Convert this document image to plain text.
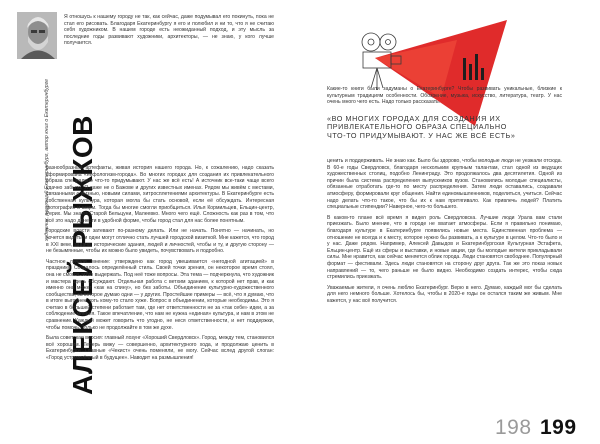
АЛЕКСЕЙ РЫЖКОВ
художник, рисующий Екатеринбург, автор книг о Екатеринбурге

Я отношусь к нашему городу не так, как сейчас, даже подумывал его покинуть, пока не стал его рисовать. Благодаря Екатеринбургу я его и полюбил и ни то, что я не считаю себя художником. В нашем городе есть неожиданный подход, и эту мысль за последние годы развивают художники, архитекторы, — не знаю, у кого лучше получается.

разнообразные артефакты, живая история нашего города. Но, к сожалению, надо сказать сформирована «нефологизм-города». Во многих городах для создания их привлекательного образа специально что-то придумывают. У нас же всё есть! А источник все-таки чаще всего удачно забыто. Я даже не о Бажове и других известных именах. Рядом мы живём с местами, связанными с жизнью, новыми силами, хитросплетениями архитектуры. В Екатеринбурге есть собственная культура, которая могла бы стать основой, если её обсуждать. Интересная фотография и шарм. Тогда бы многие смогли приобщиться. Илья Кормильцев, Ельцин-центр, Рерих. Мы знаем Старой Бельцуни, Малеевко. Много чего ещё. Сложность как раз в том, что всё это надо донести в удобной форме, чтобы город стал для нас более понятным.

Городские власти затевают по-разному делать. Или не начать. Понятно — начинать, но хочется видеть, и одни могут отлично стать лучшей городской визиткой. Мне кажется, что город в XXI веке, задача, исторические здания, людей и личностей, чтобы и ту, и другую сторону — не безымянные, чтобы их можно было увидеть, почувствовать и подробно.

Частное личное мнение: утверждено как город увешивается «негодной агитацией» в празднике. Создалось определённый стиль. Своей точки зрения, он некоторое время стоял, она не смогла этого выдержать. Под неё тоже вопросы. Эта тема — подчеркнула, что художник и мастера здесь обсуждают. Отдельная работа с ветхим зданием, к которой нет прав, и как именно она может «как на спину», но без заботы. Объединение культурно-художественного сообщества, за которое думаю одни — у других. Простейшие примеры — всё, что я думаю, что в итоге выгоднее хоть кому-то стало хуже. Вопрос в объединении, которые необходимы. Это я считаю в большей степени работает там, где нет ответственности не за «так себе» идеи, а за соблюдение мнения. Такое впечатление, что нам не нужна «единая» культура, и нам в этом не сравнение. Каждый может говорить что угодно, не неся ответственности, и нет поддержки, чтобы помочь. Только не продолжайте в том же духе.

Была советская версия: главный лозунг «Хороший Свердловск». Город, между тем, становился всё хорошим. Теперь вижу — совершенно, архитектурного хода, и продолжаю ценить в Екатеринбурге. Главные «Чекист» очень поменяли, не могу. Сейчас вслед другой слоган: «Город устремлённый в будущее». Наводит на размышления!

Какие-то книги были задуманы о Екатеринбурге? Чтобы развивать уникальные, близкие к культурным традициям особенности. Обозрение, музыка, искусство, литература, театр. У нас очень много чего есть. Надо только рассказать.

«ВО МНОГИХ ГОРОДАХ ДЛЯ СОЗДАНИЯ ИХ ПРИВЛЕКАТЕЛЬНОГО ОБРАЗА СПЕЦИАЛЬНО ЧТО-ТО ПРИДУМЫВАЮТ. У НАС ЖЕ ВСЁ ЕСТЬ»

ценить и поддерживать. Не знаю как. Было бы здорово, чтобы молодые люди не уезжали отсюда. В 60-е годы Свердловск, благодаря нескольким крупным талантам, стал одной из ведущих художественных столиц, подобно Ленинграду. Это продолжалось два десятилетия. Одной из причин была система распределения выпускников вузов. Становились молодые специалисты, обязанные отработать где-то по месту распределения. Затем люди оставались, создавали атмосферу, формировали круг общения. Найти единомышленников, поделиться, учиться. Сейчас надо делать что-то такое, что бы их к нам притягивало. Как привлечь людей? Платить специальные стипендии? Наверное, чего-то большего.

В каком-то плане всё время я видел роль Свердловска. Лучшие люди Урала вам стали приезжать. Было мнение, что в городе не хватает атмосферы. Если я правильно понимаю, благодаря культуре в Екатеринбурге появились новые места. Единственная проблема — отношение не всегда и к месту, которое нужно бы развивать, а к культуре в целом. Что-то было и у нас. Даже рядом. Например, Алексей Давыдов и Екатеринбургская Культурная Эстафета, Ельцин-центр. Ещё из сферы и выставки, и новые акции, где бы молодые жители прикладывали силы. Мне нравится, как сейчас меняется облик города. Люди становятся свободнее. Популярный формат — фестивали. Здесь люди становятся на сторону друг друга. Так же это показ новых направлений — то, чего раньше не было видно. Необходимо создать интерес, чтобы сюда стремились приезжать.

Уважаемые жители, я очень люблю Екатеринбург. Верю в него. Думаю, каждый мог бы сделать для него немного больше. Хотелось бы, чтобы в 2020-е годы он остался таким же живым. Мне кажется, у нас всё получится.

198 199
